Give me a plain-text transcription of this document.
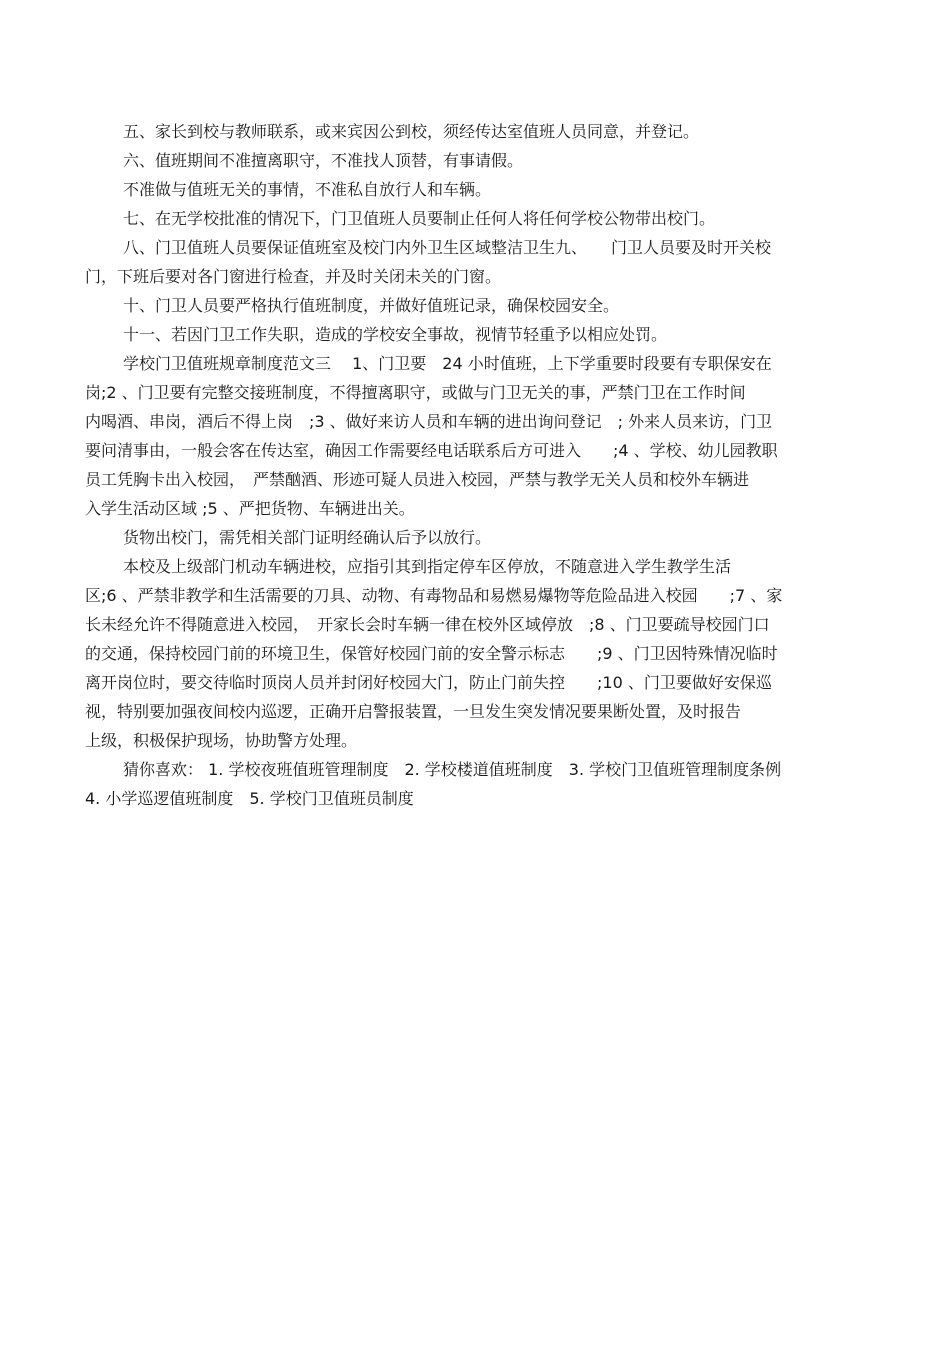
五、家长到校与教师联系，或来宾因公到校，须经传达室值班人员同意，并登记。
六、值班期间不准擅离职守，不准找人顶替，有事请假。
不准做与值班无关的事情，不准私自放行人和车辆。
七、在无学校批准的情况下，门卫值班人员要制止任何人将任何学校公物带出校门。
八、门卫值班人员要保证值班室及校门内外卫生区域整洁卫生九、　　门卫人员要及时开关校
门，下班后要对各门窗进行检查，并及时关闭未关的门窗。
十、门卫人员要严格执行值班制度，并做好值班记录，确保校园安全。
十一、若因门卫工作失职，造成的学校安全事故，视情节轻重予以相应处罚。
学校门卫值班规章制度范文三　 1、门卫要　24 小时值班，上下学重要时段要有专职保安在
岗;2 、门卫要有完整交接班制度，不得擅离职守，或做与门卫无关的事，严禁门卫在工作时间
内喝酒、串岗，酒后不得上岗　;3 、做好来访人员和车辆的进出询问登记　; 外来人员来访，门卫
要问清事由，一般会客在传达室，确因工作需要经电话联系后方可进入　　;4 、学校、幼儿园教职
员工凭胸卡出入校园，　严禁酗酒、形迹可疑人员进入校园，严禁与教学无关人员和校外车辆进
入学生活动区域 ;5 、严把货物、车辆进出关。
货物出校门，需凭相关部门证明经确认后予以放行。
本校及上级部门机动车辆进校，应指引其到指定停车区停放，不随意进入学生教学生活
区;6 、严禁非教学和生活需要的刀具、动物、有毒物品和易燃易爆物等危险品进入校园　　;7 、家
长未经允许不得随意进入校园，　开家长会时车辆一律在校外区域停放　;8 、门卫要疏导校园门口
的交通，保持校园门前的环境卫生，保管好校园门前的安全警示标志　　;9 、门卫因特殊情况临时
离开岗位时，要交待临时顶岗人员并封闭好校园大门，防止门前失控　　;10 、门卫要做好安保巡
视，特别要加强夜间校内巡逻，正确开启警报装置，一旦发生突发情况要果断处置，及时报告
上级，积极保护现场，协助警方处理。
猜你喜欢： 1. 学校夜班值班管理制度　2. 学校楼道值班制度　3. 学校门卫值班管理制度条例
4. 小学巡逻值班制度　5. 学校门卫值班员制度
